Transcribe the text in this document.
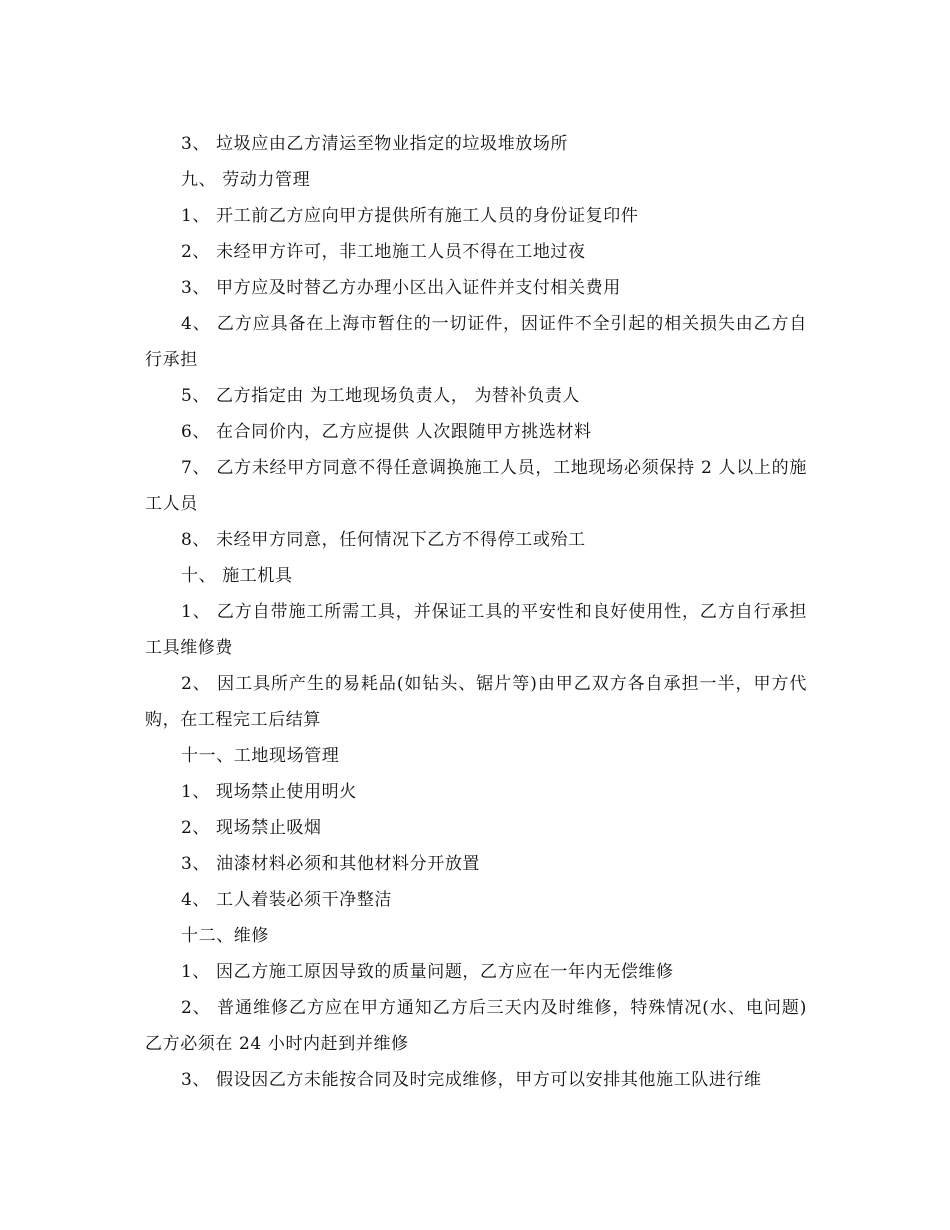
3、 垃圾应由乙方清运至物业指定的垃圾堆放场所

九、 劳动力管理

1、 开工前乙方应向甲方提供所有施工人员的身份证复印件

2、 未经甲方许可，非工地施工人员不得在工地过夜

3、 甲方应及时替乙方办理小区出入证件并支付相关费用

4、 乙方应具备在上海市暂住的一切证件，因证件不全引起的相关损失由乙方自行承担

5、 乙方指定由 为工地现场负责人， 为替补负责人

6、 在合同价内，乙方应提供 人次跟随甲方挑选材料

7、 乙方未经甲方同意不得任意调换施工人员，工地现场必须保持 2 人以上的施工人员

8、 未经甲方同意，任何情况下乙方不得停工或殆工

十、 施工机具

1、 乙方自带施工所需工具，并保证工具的平安性和良好使用性，乙方自行承担工具维修费

2、 因工具所产生的易耗品(如钻头、锯片等)由甲乙双方各自承担一半，甲方代购，在工程完工后结算

十一、工地现场管理

1、 现场禁止使用明火

2、 现场禁止吸烟

3、 油漆材料必须和其他材料分开放置

4、 工人着装必须干净整洁

十二、维修

1、 因乙方施工原因导致的质量问题，乙方应在一年内无偿维修

2、 普通维修乙方应在甲方通知乙方后三天内及时维修，特殊情况(水、电问题)乙方必须在 24 小时内赶到并维修

3、 假设因乙方未能按合同及时完成维修，甲方可以安排其他施工队进行维
